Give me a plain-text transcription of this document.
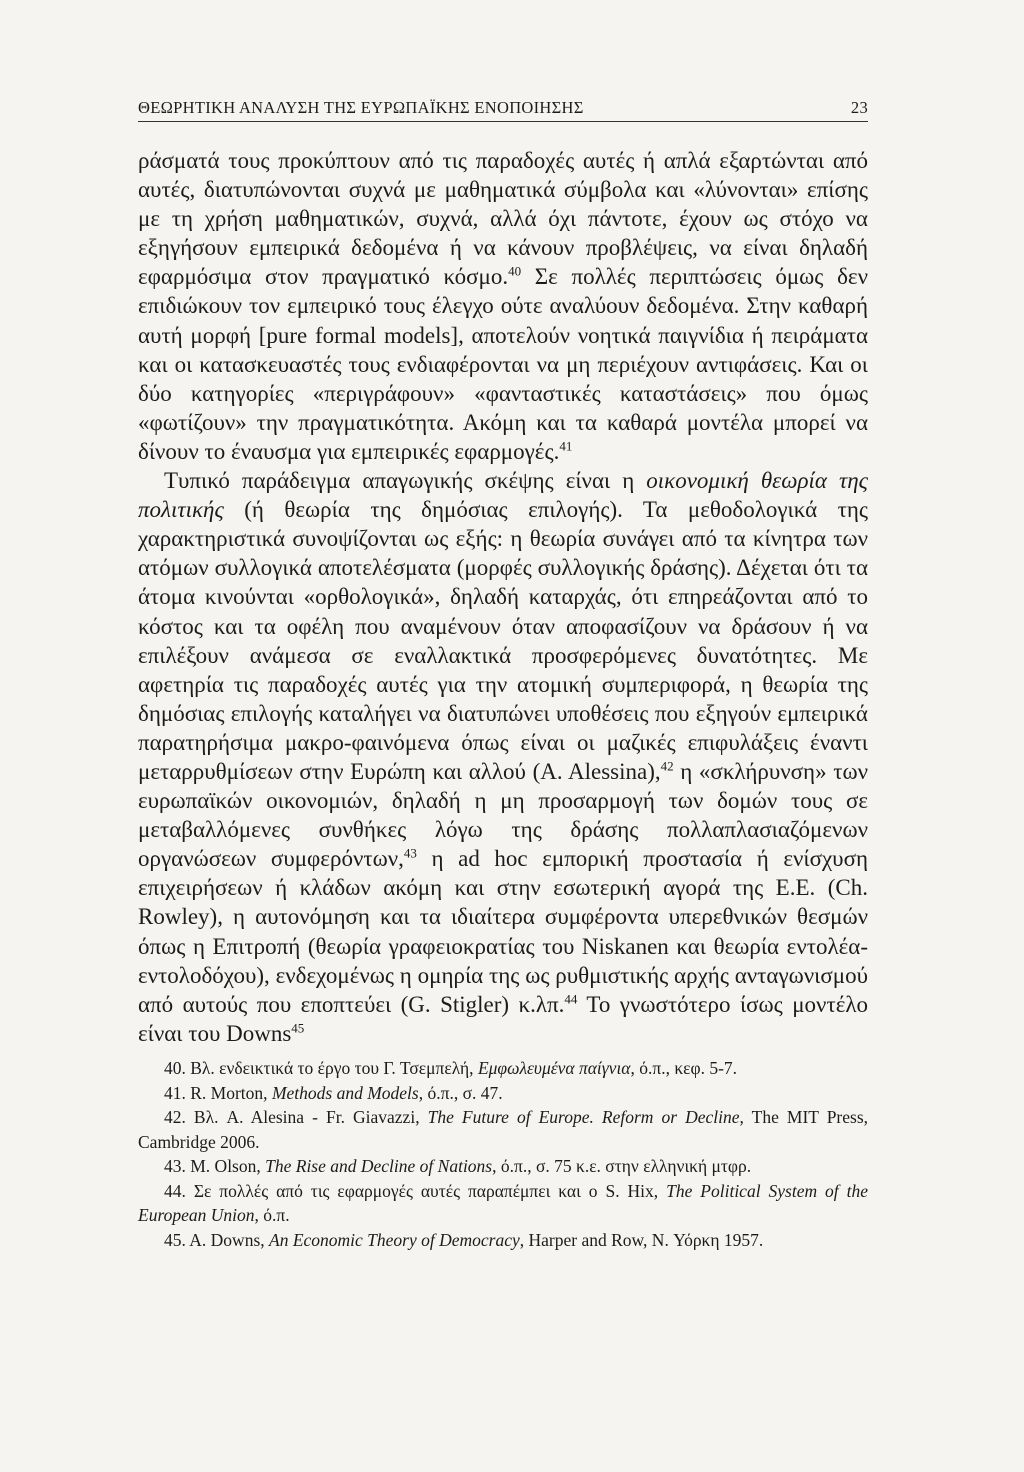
ΘΕΩΡΗΤΙΚΗ ΑΝΑΛΥΣΗ ΤΗΣ ΕΥΡΩΠΑΪΚΗΣ ΕΝΟΠΟΙΗΣΗΣ	23

ράσματά τους προκύπτουν από τις παραδοχές αυτές ή απλά εξαρτώνται από αυτές, διατυπώνονται συχνά με μαθηματικά σύμβολα και «λύνονται» επίσης με τη χρήση μαθηματικών, συχνά, αλλά όχι πάντοτε, έχουν ως στόχο να εξηγήσουν εμπειρικά δεδομένα ή να κάνουν προβλέψεις, να είναι δηλαδή εφαρμόσιμα στον πραγματικό κόσμο.$^{40}$ Σε πολλές περιπτώσεις όμως δεν επιδιώκουν τον εμπειρικό τους έλεγχο ούτε αναλύουν δεδομένα. Στην καθαρή αυτή μορφή [pure formal models], αποτελούν νοητικά παιγνίδια ή πειράματα και οι κατασκευαστές τους ενδιαφέρονται να μη περιέχουν αντιφάσεις. Και οι δύο κατηγορίες «περιγράφουν» «φανταστικές καταστάσεις» που όμως «φωτίζουν» την πραγματικότητα. Ακόμη και τα καθαρά μοντέλα μπορεί να δίνουν το έναυσμα για εμπειρικές εφαρμογές.$^{41}$

Τυπικό παράδειγμα απαγωγικής σκέψης είναι η οικονομική θεωρία της πολιτικής (ή θεωρία της δημόσιας επιλογής). Τα μεθοδολογικά της χαρακτηριστικά συνοψίζονται ως εξής: η θεωρία συνάγει από τα κίνητρα των ατόμων συλλογικά αποτελέσματα (μορφές συλλογικής δράσης). Δέχεται ότι τα άτομα κινούνται «ορθολογικά», δηλαδή καταρχάς, ότι επηρεάζονται από το κόστος και τα οφέλη που αναμένουν όταν αποφασίζουν να δράσουν ή να επιλέξουν ανάμεσα σε εναλλακτικά προσφερόμενες δυνατότητες. Με αφετηρία τις παραδοχές αυτές για την ατομική συμπεριφορά, η θεωρία της δημόσιας επιλογής καταλήγει να διατυπώνει υποθέσεις που εξηγούν εμπειρικά παρατηρήσιμα μακρο-φαινόμενα όπως είναι οι μαζικές επιφυλάξεις έναντι μεταρρυθμίσεων στην Ευρώπη και αλλού (A. Alessina),$^{42}$ η «σκλήρυνση» των ευρωπαϊκών οικονομιών, δηλαδή η μη προσαρμογή των δομών τους σε μεταβαλλόμενες συνθήκες λόγω της δράσης πολλαπλασιαζόμενων οργανώσεων συμφερόντων,$^{43}$ η ad hoc εμπορική προστασία ή ενίσχυση επιχειρήσεων ή κλάδων ακόμη και στην εσωτερική αγορά της Ε.Ε. (Ch. Rowley), η αυτονόμηση και τα ιδιαίτερα συμφέροντα υπερεθνικών θεσμών όπως η Επιτροπή (θεωρία γραφειοκρατίας του Niskanen και θεωρία εντολέα-εντολοδόχου), ενδεχομένως η ομηρία της ως ρυθμιστικής αρχής ανταγωνισμού από αυτούς που εποπτεύει (G. Stigler) κ.λπ.$^{44}$ Το γνωστότερο ίσως μοντέλο είναι του Downs$^{45}$

40. Βλ. ενδεικτικά το έργο του Γ. Τσεμπελή, Εμφωλευμένα παίγνια, ό.π., κεφ. 5-7.

41. R. Morton, Methods and Models, ό.π., σ. 47.

42. Βλ. A. Alesina - Fr. Giavazzi, The Future of Europe. Reform or Decline, The MIT Press, Cambridge 2006.

43. M. Olson, The Rise and Decline of Nations, ό.π., σ. 75 κ.ε. στην ελληνική μτφρ.

44. Σε πολλές από τις εφαρμογές αυτές παραπέμπει και ο S. Hix, The Political System of the European Union, ό.π.

45. A. Downs, An Economic Theory of Democracy, Harper and Row, N. Υόρκη 1957.
